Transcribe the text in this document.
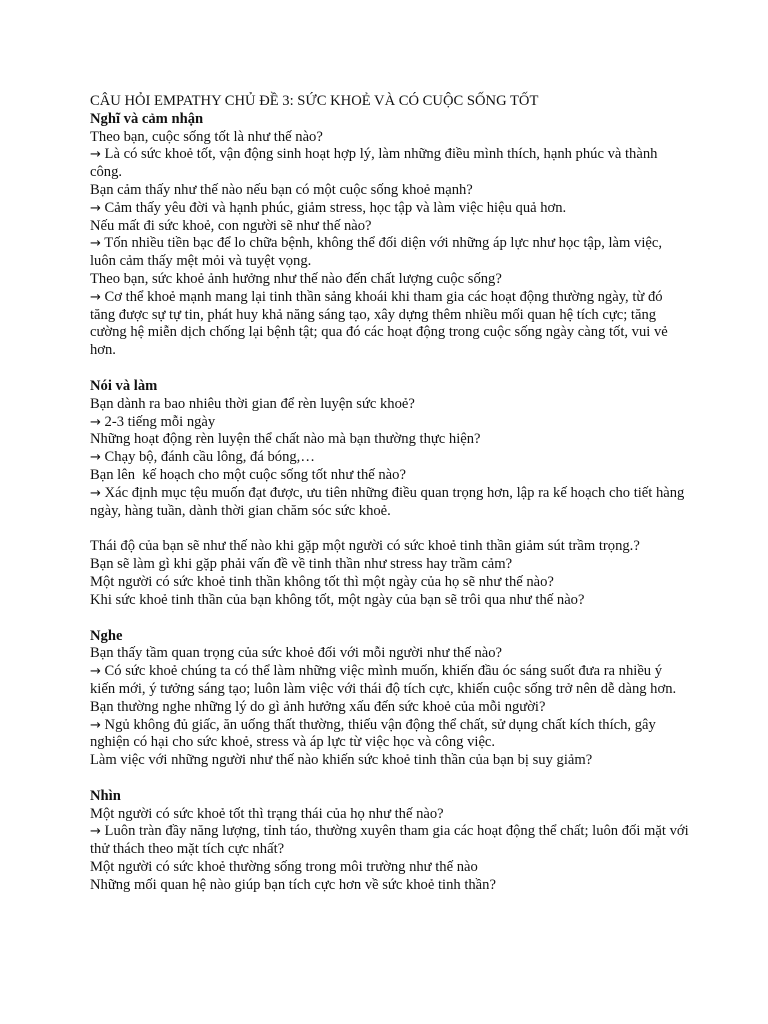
CÂU HỎI EMPATHY CHỦ ĐỀ 3: SỨC KHOẺ VÀ CÓ CUỘC SỐNG TỐT
Nghĩ và cảm nhận
Theo bạn, cuộc sống tốt là như thế nào?
→ Là có sức khoẻ tốt, vận động sinh hoạt hợp lý, làm những điều mình thích, hạnh phúc và thành công.
Bạn cảm thấy như thế nào nếu bạn có một cuộc sống khoẻ mạnh?
→ Cảm thấy yêu đời và hạnh phúc, giảm stress, học tập và làm việc hiệu quả hơn.
Nếu mất đi sức khoẻ, con người sẽ như thế nào?
→ Tốn nhiều tiền bạc để lo chữa bệnh, không thể đối diện với những áp lực như học tập, làm việc, luôn cảm thấy mệt mỏi và tuyệt vọng.
Theo bạn, sức khoẻ ảnh hưởng như thế nào đến chất lượng cuộc sống?
→ Cơ thể khoẻ mạnh mang lại tinh thần sảng khoái khi tham gia các hoạt động thường ngày, từ đó tăng được sự tự tin, phát huy khả năng sáng tạo, xây dựng thêm nhiều mối quan hệ tích cực; tăng cường hệ miễn dịch chống lại bệnh tật; qua đó các hoạt động trong cuộc sống ngày càng tốt, vui vẻ hơn.
Nói và làm
Bạn dành ra bao nhiêu thời gian để rèn luyện sức khoẻ?
→ 2-3 tiếng mỗi ngày
Những hoạt động rèn luyện thể chất nào mà bạn thường thực hiện?
→ Chạy bộ, đánh cầu lông, đá bóng,…
Bạn lên  kế hoạch cho một cuộc sống tốt như thế nào?
→ Xác định mục tệu muốn đạt được, ưu tiên những điều quan trọng hơn, lập ra kế hoạch cho tiết hàng ngày, hàng tuần, dành thời gian chăm sóc sức khoẻ.
Thái độ của bạn sẽ như thế nào khi gặp một người có sức khoẻ tinh thần giảm sút trầm trọng.?
Bạn sẽ làm gì khi gặp phải vấn đề về tinh thần như stress hay trầm cảm?
Một người có sức khoẻ tinh thần không tốt thì một ngày của họ sẽ như thế nào?
Khi sức khoẻ tinh thần của bạn không tốt, một ngày của bạn sẽ trôi qua như thế nào?
Nghe
Bạn thấy tầm quan trọng của sức khoẻ đối với mỗi người như thế nào?
→ Có sức khoẻ chúng ta có thể làm những việc mình muốn, khiến đầu óc sáng suốt đưa ra nhiều ý kiến mới, ý tưởng sáng tạo; luôn làm việc với thái độ tích cực, khiến cuộc sống trở nên dễ dàng hơn.
Bạn thường nghe những lý do gì ảnh hưởng xấu đến sức khoẻ của mỗi người?
→ Ngủ không đủ giấc, ăn uống thất thường, thiếu vận động thể chất, sử dụng chất kích thích, gây nghiện có hại cho sức khoẻ, stress và áp lực từ việc học và công việc.
Làm việc với những người như thế nào khiến sức khoẻ tinh thần của bạn bị suy giảm?
Nhìn
Một người có sức khoẻ tốt thì trạng thái của họ như thế nào?
→ Luôn tràn đầy năng lượng, tỉnh táo, thường xuyên tham gia các hoạt động thể chất; luôn đối mặt với thử thách theo mặt tích cực nhất?
Một người có sức khoẻ thường sống trong môi trường như thế nào
Những mối quan hệ nào giúp bạn tích cực hơn về sức khoẻ tinh thần?
